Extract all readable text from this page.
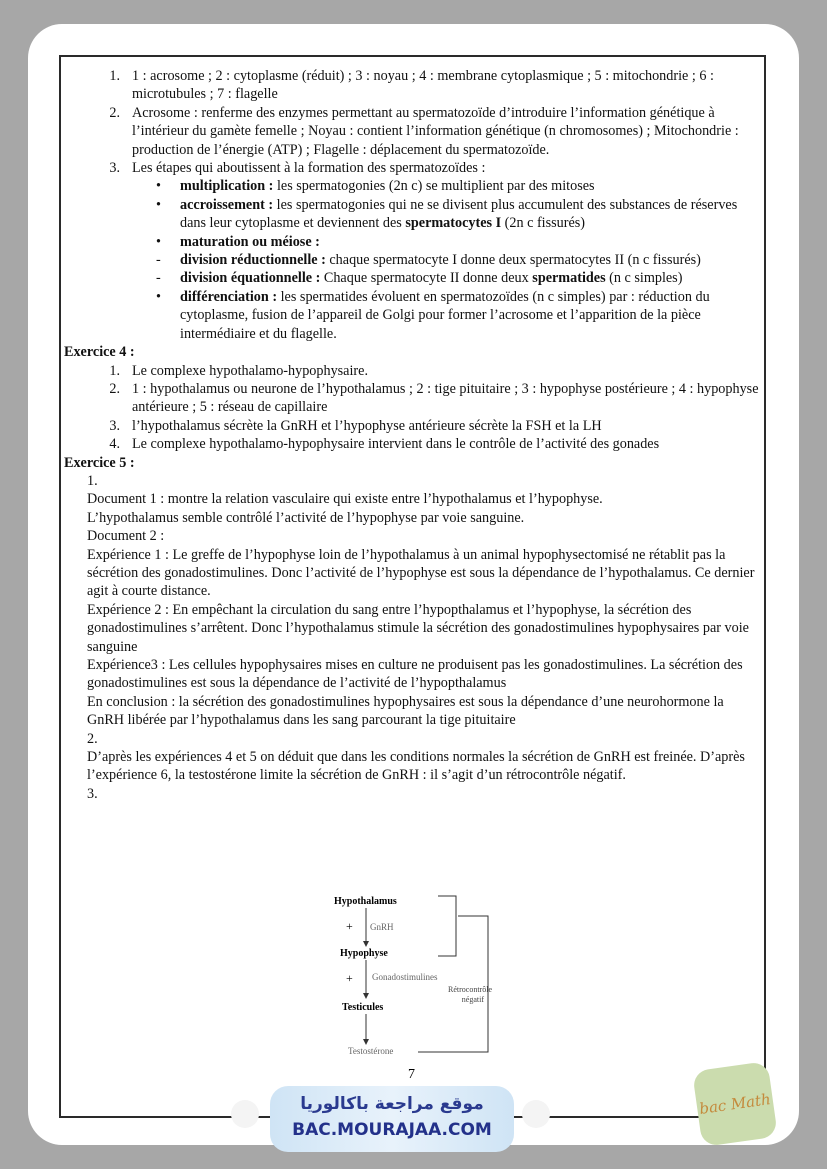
1. 1 : acrosome ; 2 : cytoplasme (réduit) ; 3 : noyau ; 4 : membrane cytoplasmique ; 5 : mitochondrie ; 6 : microtubules ; 7 : flagelle
2. Acrosome : renferme des enzymes permettant au spermatozoïde d’introduire l’information génétique à l’intérieur du gamète femelle ; Noyau : contient l’information génétique (n chromosomes) ; Mitochondrie : production de l’énergie (ATP) ; Flagelle : déplacement du spermatozoïde.
3. Les étapes qui aboutissent à la formation des spermatozoïdes :
•	multiplication : les spermatogonies (2n c) se multiplient par des mitoses
•	accroissement : les spermatogonies qui ne se divisent plus accumulent des substances de réserves dans leur cytoplasme et deviennent des spermatocytes I (2n c fissurés)
•	maturation ou méiose :
-	division réductionnelle : chaque spermatocyte I donne deux spermatocytes II (n c fissurés)
-	division équationnelle : Chaque spermatocyte II donne deux spermatides (n c simples)
•	différenciation : les spermatides évoluent en spermatozoïdes (n c simples) par : réduction du cytoplasme, fusion de l’appareil de Golgi pour former l’acrosome et l’apparition de la pièce intermédiaire et du flagelle.

Exercice 4 :

1. Le complexe hypothalamo-hypophysaire.
2. 1 : hypothalamus ou neurone de l’hypothalamus ; 2 : tige pituitaire ; 3 : hypophyse postérieure ; 4 : hypophyse antérieure ; 5 : réseau de capillaire
3. l’hypothalamus sécrète la GnRH et l’hypophyse antérieure sécrète la FSH et la LH
4. Le complexe hypothalamo-hypophysaire intervient dans le contrôle de l’activité des gonades

Exercice 5 :

1.

Document 1 : montre la relation vasculaire qui existe entre l’hypothalamus et l’hypophyse.

L’hypothalamus semble contrôlé l’activité de l’hypophyse par voie sanguine.

Document 2 :

Expérience 1 : Le greffe de l’hypophyse loin de l’hypothalamus à un animal hypophysectomisé ne rétablit pas la sécrétion des gonadostimulines. Donc l’activité de l’hypophyse est sous la dépendance de l’hypothalamus. Ce dernier agit à courte distance.

Expérience 2 : En empêchant la circulation du sang entre l’hypopthalamus et l’hypophyse, la sécrétion des gonadostimulines s’arrêtent. Donc l’hypothalamus stimule la sécrétion des gonadostimulines hypophysaires par voie sanguine

Expérience3 : Les cellules hypophysaires mises en culture ne produisent pas les gonadostimulines. La sécrétion des gonadostimulines est sous la dépendance de l’activité de l’hypopthalamus

En conclusion : la sécrétion des gonadostimulines hypophysaires est sous la dépendance d’une neurohormone la GnRH libérée par l’hypothalamus dans les sang parcourant la tige pituitaire

2.

D’après les expériences 4 et 5 on déduit que dans les conditions normales la sécrétion de GnRH est freinée. D’après l’expérience 6, la testostérone limite la sécrétion de GnRH : il s’agit d’un rétrocontrôle négatif.

3.

Hypothalamus
+ GnRH
Hypophyse
+ Gonadostimulines
Testicules
Testostérone
Rétrocontrôle
négatif
7
موقع مراجعة باكالوريا
BAC.MOURAJAA.COM
bac Math
